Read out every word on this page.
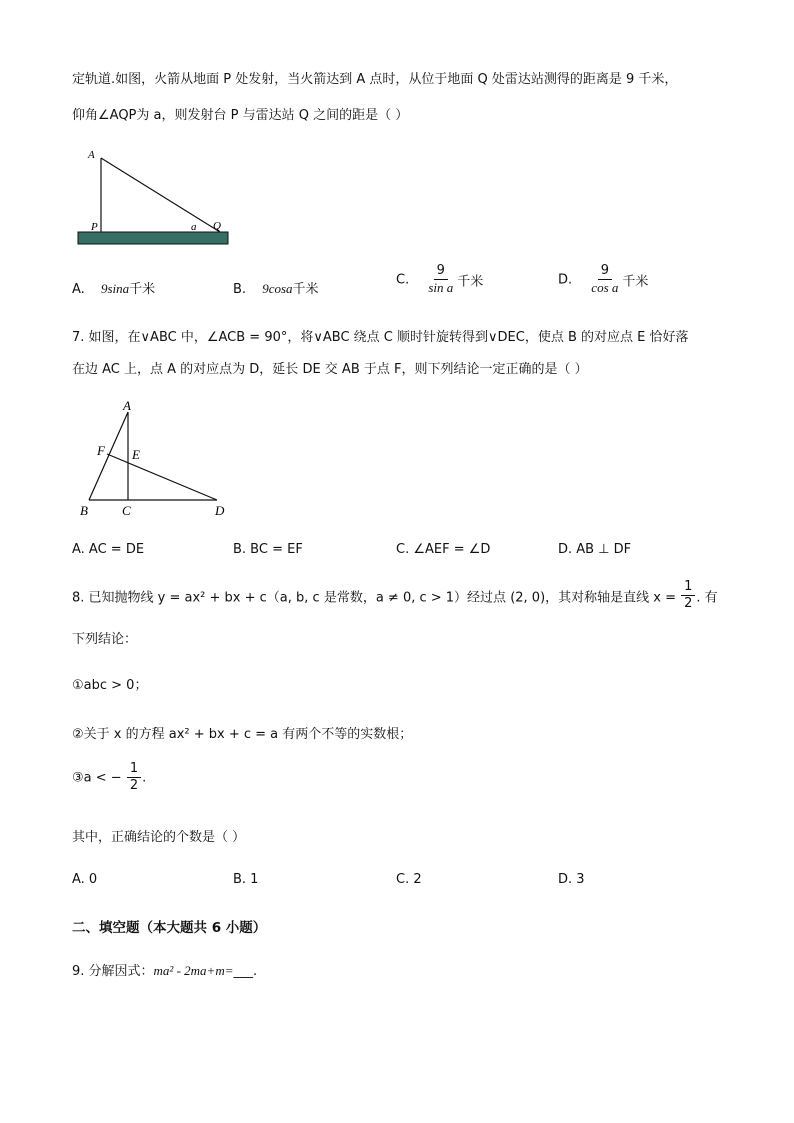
定轨道.如图，火箭从地面 P 处发射，当火箭达到 A 点时，从位于地面 Q 处雷达站测得的距离是 9 千米，
仰角∠AQP为 a，则发射台 P 与雷达站 Q 之间的距是（ ）
A
P	Q
a
A. 9sina千米	B. 9cosa千米
C. $\frac{9}{\text{sin a}}$ 千米	D. $\frac{9}{\text{cos a}}$ 千米
7. 如图，在∨ABC 中，∠ACB = 90°，将∨ABC 绕点 C 顺时针旋转得到∨DEC，使点 B 的对应点 E 恰好落
在边 AC 上，点 A 的对应点为 D，延长 DE 交 AB 于点 F，则下列结论一定正确的是（ ）
A
F E
B	C	D
A. AC = DE	B. BC = EF	C. ∠AEF = ∠D	D. AB ⊥ DF
8. 已知抛物线 y = ax² + bx + c（a, b, c 是常数，a ≠ 0, c > 1）经过点 (2, 0)，其对称轴是直线 $x = \frac{1}{2}$ . 有
下列结论：
①abc > 0；
②关于 x 的方程 ax² + bx + c = a 有两个不等的实数根；
③a < − $\frac{1}{2}$ .
其中，正确结论的个数是（ ）
A. 0	B. 1	C. 2	D. 3
二、填空题（本大题共 6 小题）
9. 分解因式：ma² - 2ma+m=___.
